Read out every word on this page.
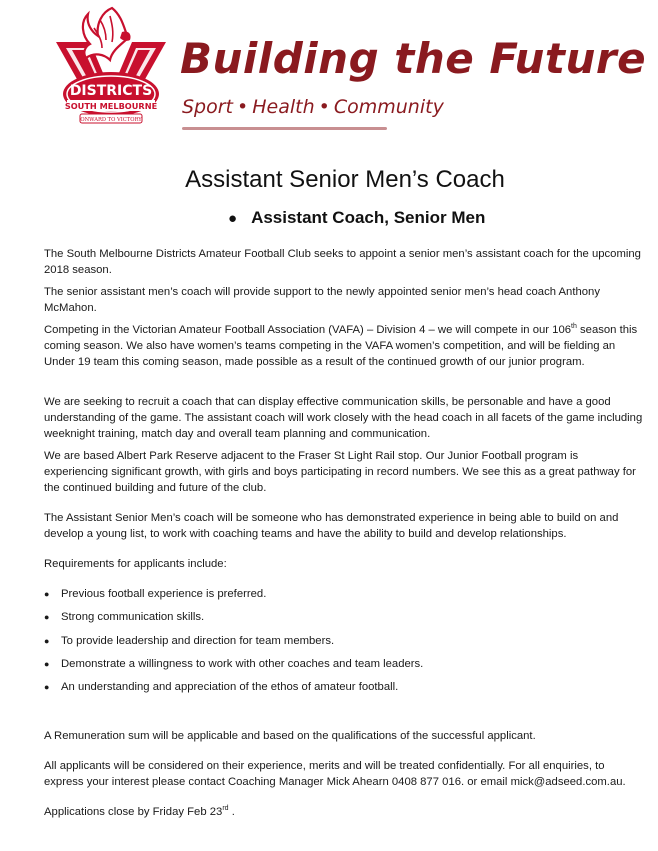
DISTRICTS
SOUTH MELBOURNE
ONWARD TO VICTORY
Building the Future
Sport • Health • Community
Assistant Senior Men’s Coach
● Assistant Coach, Senior Men

The South Melbourne Districts Amateur Football Club seeks to appoint a senior men’s assistant coach for the upcoming 2018 season.

The senior assistant men’s coach will provide support to the newly appointed senior men’s head coach Anthony McMahon.

Competing in the Victorian Amateur Football Association (VAFA) – Division 4 – we will compete in our 106th season this coming season. We also have women’s teams competing in the VAFA women’s competition, and will be fielding an Under 19 team this coming season, made possible as a result of the continued growth of our junior program.

We are seeking to recruit a coach that can display effective communication skills, be personable and have a good understanding of the game. The assistant coach will work closely with the head coach in all facets of the game including weeknight training, match day and overall team planning and communication.

We are based Albert Park Reserve adjacent to the Fraser St Light Rail stop. Our Junior Football program is experiencing significant growth, with girls and boys participating in record numbers. We see this as a great pathway for the continued building and future of the club.

The Assistant Senior Men’s coach will be someone who has demonstrated experience in being able to build on and develop a young list, to work with coaching teams and have the ability to build and develop relationships.

Requirements for applicants include:

● Previous football experience is preferred.
● Strong communication skills.
● To provide leadership and direction for team members.
● Demonstrate a willingness to work with other coaches and team leaders.
● An understanding and appreciation of the ethos of amateur football.

A Remuneration sum will be applicable and based on the qualifications of the successful applicant.

All applicants will be considered on their experience, merits and will be treated confidentially. For all enquiries, to express your interest please contact Coaching Manager Mick Ahearn 0408 877 016. or email mick@adseed.com.au.

Applications close by Friday Feb 23rd .
